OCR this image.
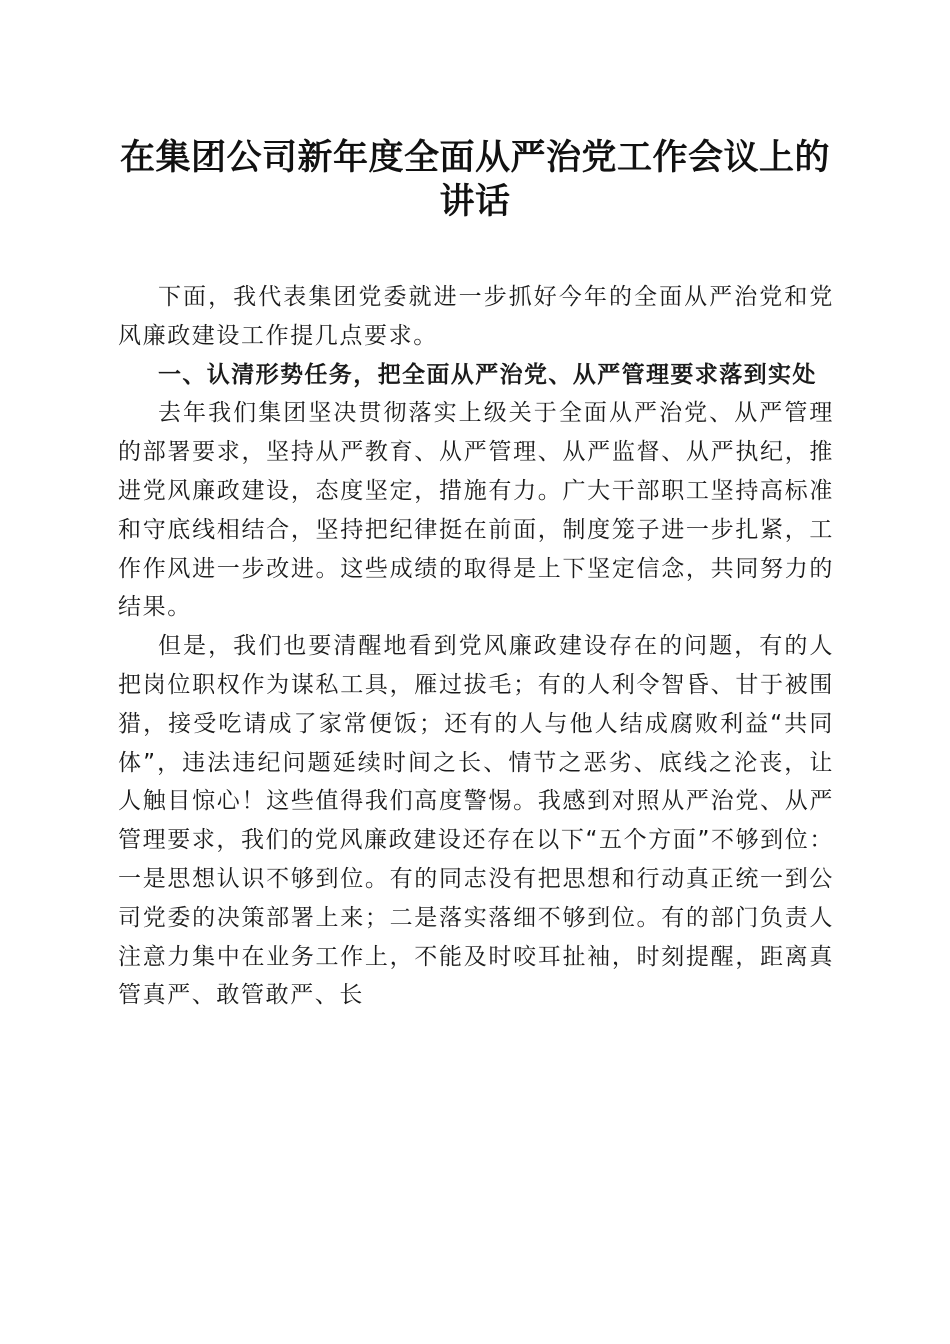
在集团公司新年度全面从严治党工作会议上的
讲话

下面，我代表集团党委就进一步抓好今年的全面从严治党和党风廉政建设工作提几点要求。

一、认清形势任务，把全面从严治党、从严管理要求落到实处

去年我们集团坚决贯彻落实上级关于全面从严治党、从严管理的部署要求，坚持从严教育、从严管理、从严监督、从严执纪，推进党风廉政建设，态度坚定，措施有力。广大干部职工坚持高标准和守底线相结合，坚持把纪律挺在前面，制度笼子进一步扎紧，工作作风进一步改进。这些成绩的取得是上下坚定信念，共同努力的结果。

但是，我们也要清醒地看到党风廉政建设存在的问题，有的人把岗位职权作为谋私工具，雁过拔毛；有的人利令智昏、甘于被围猎，接受吃请成了家常便饭；还有的人与他人结成腐败利益“共同体”，违法违纪问题延续时间之长、情节之恶劣、底线之沦丧，让人触目惊心！这些值得我们高度警惕。我感到对照从严治党、从严管理要求，我们的党风廉政建设还存在以下“五个方面”不够到位：一是思想认识不够到位。有的同志没有把思想和行动真正统一到公司党委的决策部署上来；二是落实落细不够到位。有的部门负责人注意力集中在业务工作上，不能及时咬耳扯袖，时刻提醒，距离真管真严、敢管敢严、长
